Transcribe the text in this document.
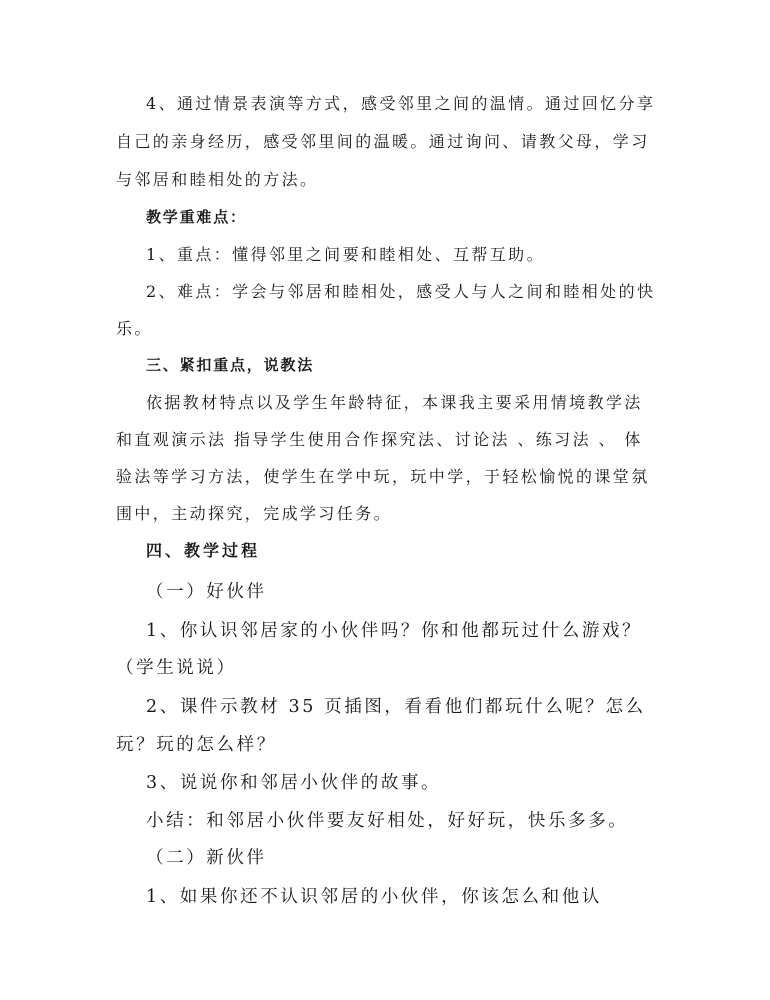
4、通过情景表演等方式，感受邻里之间的温情。通过回忆分享
自己的亲身经历，感受邻里间的温暖。通过询问、请教父母，学习
与邻居和睦相处的方法。
教学重难点：
1、重点：懂得邻里之间要和睦相处、互帮互助。
2、难点：学会与邻居和睦相处，感受人与人之间和睦相处的快
乐。
三、紧扣重点，说教法
依据教材特点以及学生年龄特征，本课我主要采用情境教学法
和直观演示法 指导学生使用合作探究法、讨论法 、练习法 、 体
验法等学习方法，使学生在学中玩，玩中学，于轻松愉悦的课堂氛
围中，主动探究，完成学习任务。
四、教学过程
（一）好伙伴
1、你认识邻居家的小伙伴吗？你和他都玩过什么游戏？
（学生说说）
2、课件示教材 35 页插图，看看他们都玩什么呢？怎么
玩？玩的怎么样？
3、说说你和邻居小伙伴的故事。
小结：和邻居小伙伴要友好相处，好好玩，快乐多多。
（二）新伙伴
1、如果你还不认识邻居的小伙伴，你该怎么和他认
